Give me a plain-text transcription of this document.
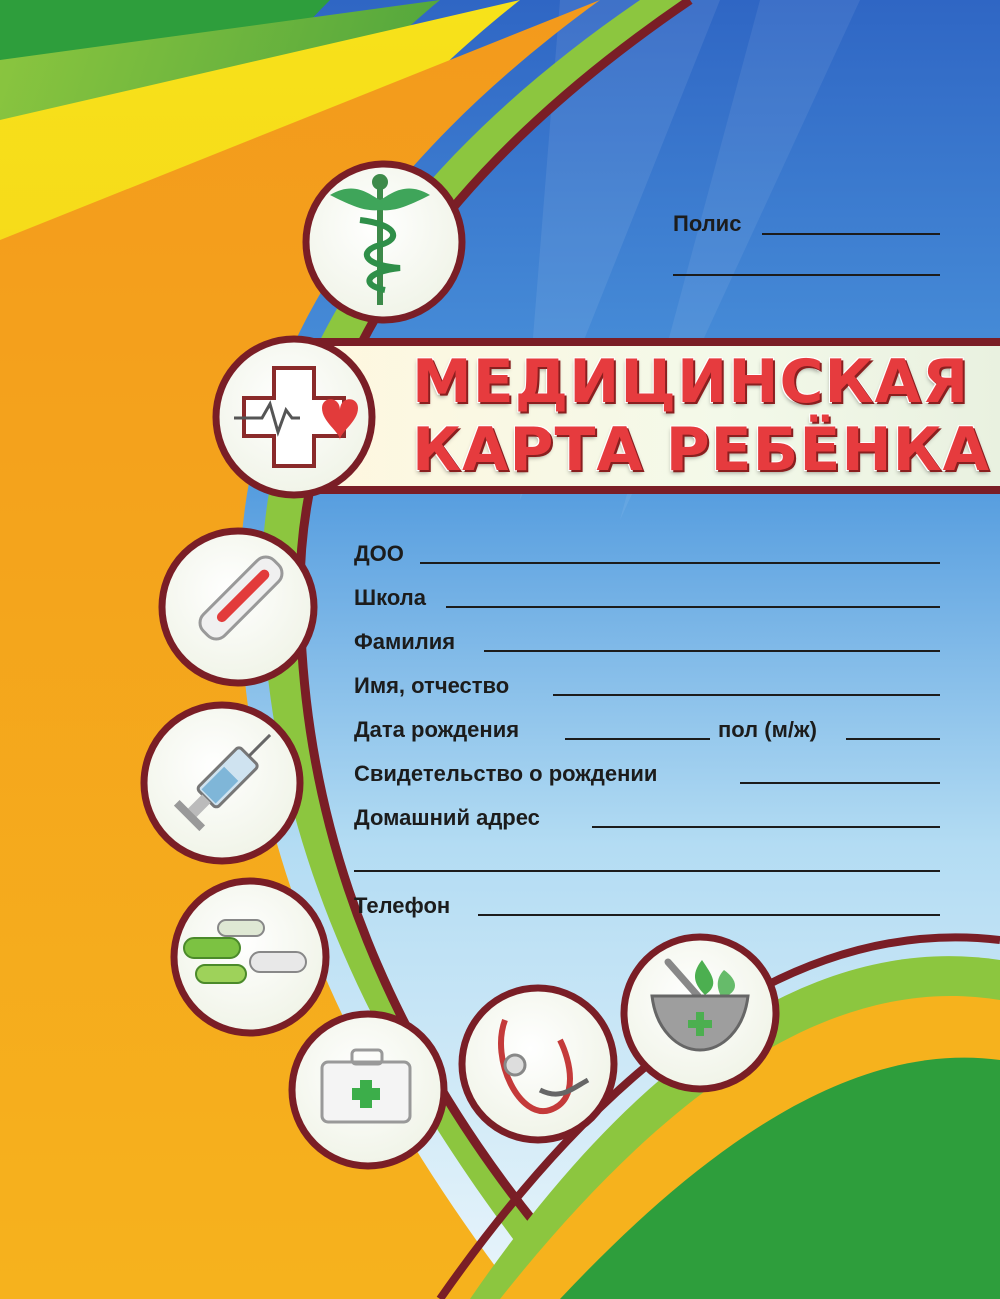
МЕДИЦИНСКАЯ
КАРТА РЕБЁНКА
Полис
ДОО
Школа
Фамилия
Имя, отчество
Дата рождения	пол (м/ж)
Свидетельство о рождении
Домашний адрес
Телефон
